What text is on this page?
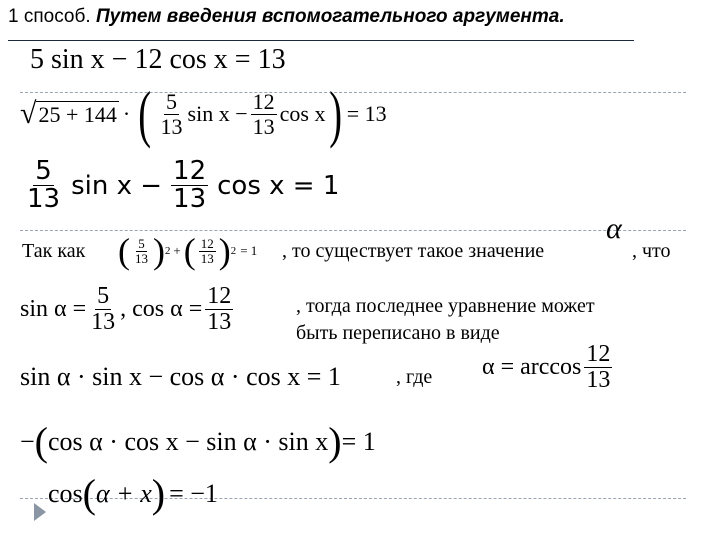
1 способ. Путем введения вспомогательного аргумента.
5 sin x − 12 cos x = 13
√ 25 + 144 · ( $\frac{5}{13}$ $\sin x - \frac{12}{13}$ cos x ) = 13
$\frac{5}{13}$ $\sin x - \frac{12}{13}$ cos x = 1
Так как ( $\frac{5}{13}$ ) 2 + ( $\frac{12}{13}$ ) 2 = 1 , то существует такое значение
α
, что
$\sin \alpha = \frac{5}{13}$ , $\cos \alpha = \frac{12}{13}$	, тогда последнее уравнение может
быть переписано в виде
sin α · sin x − cos α · cos x = 1	, где $\alpha = \arccos \frac{12}{13}$
− ( cos α · cos x − sin α · sin x ) = 1
cos ( α + x ) = −1
